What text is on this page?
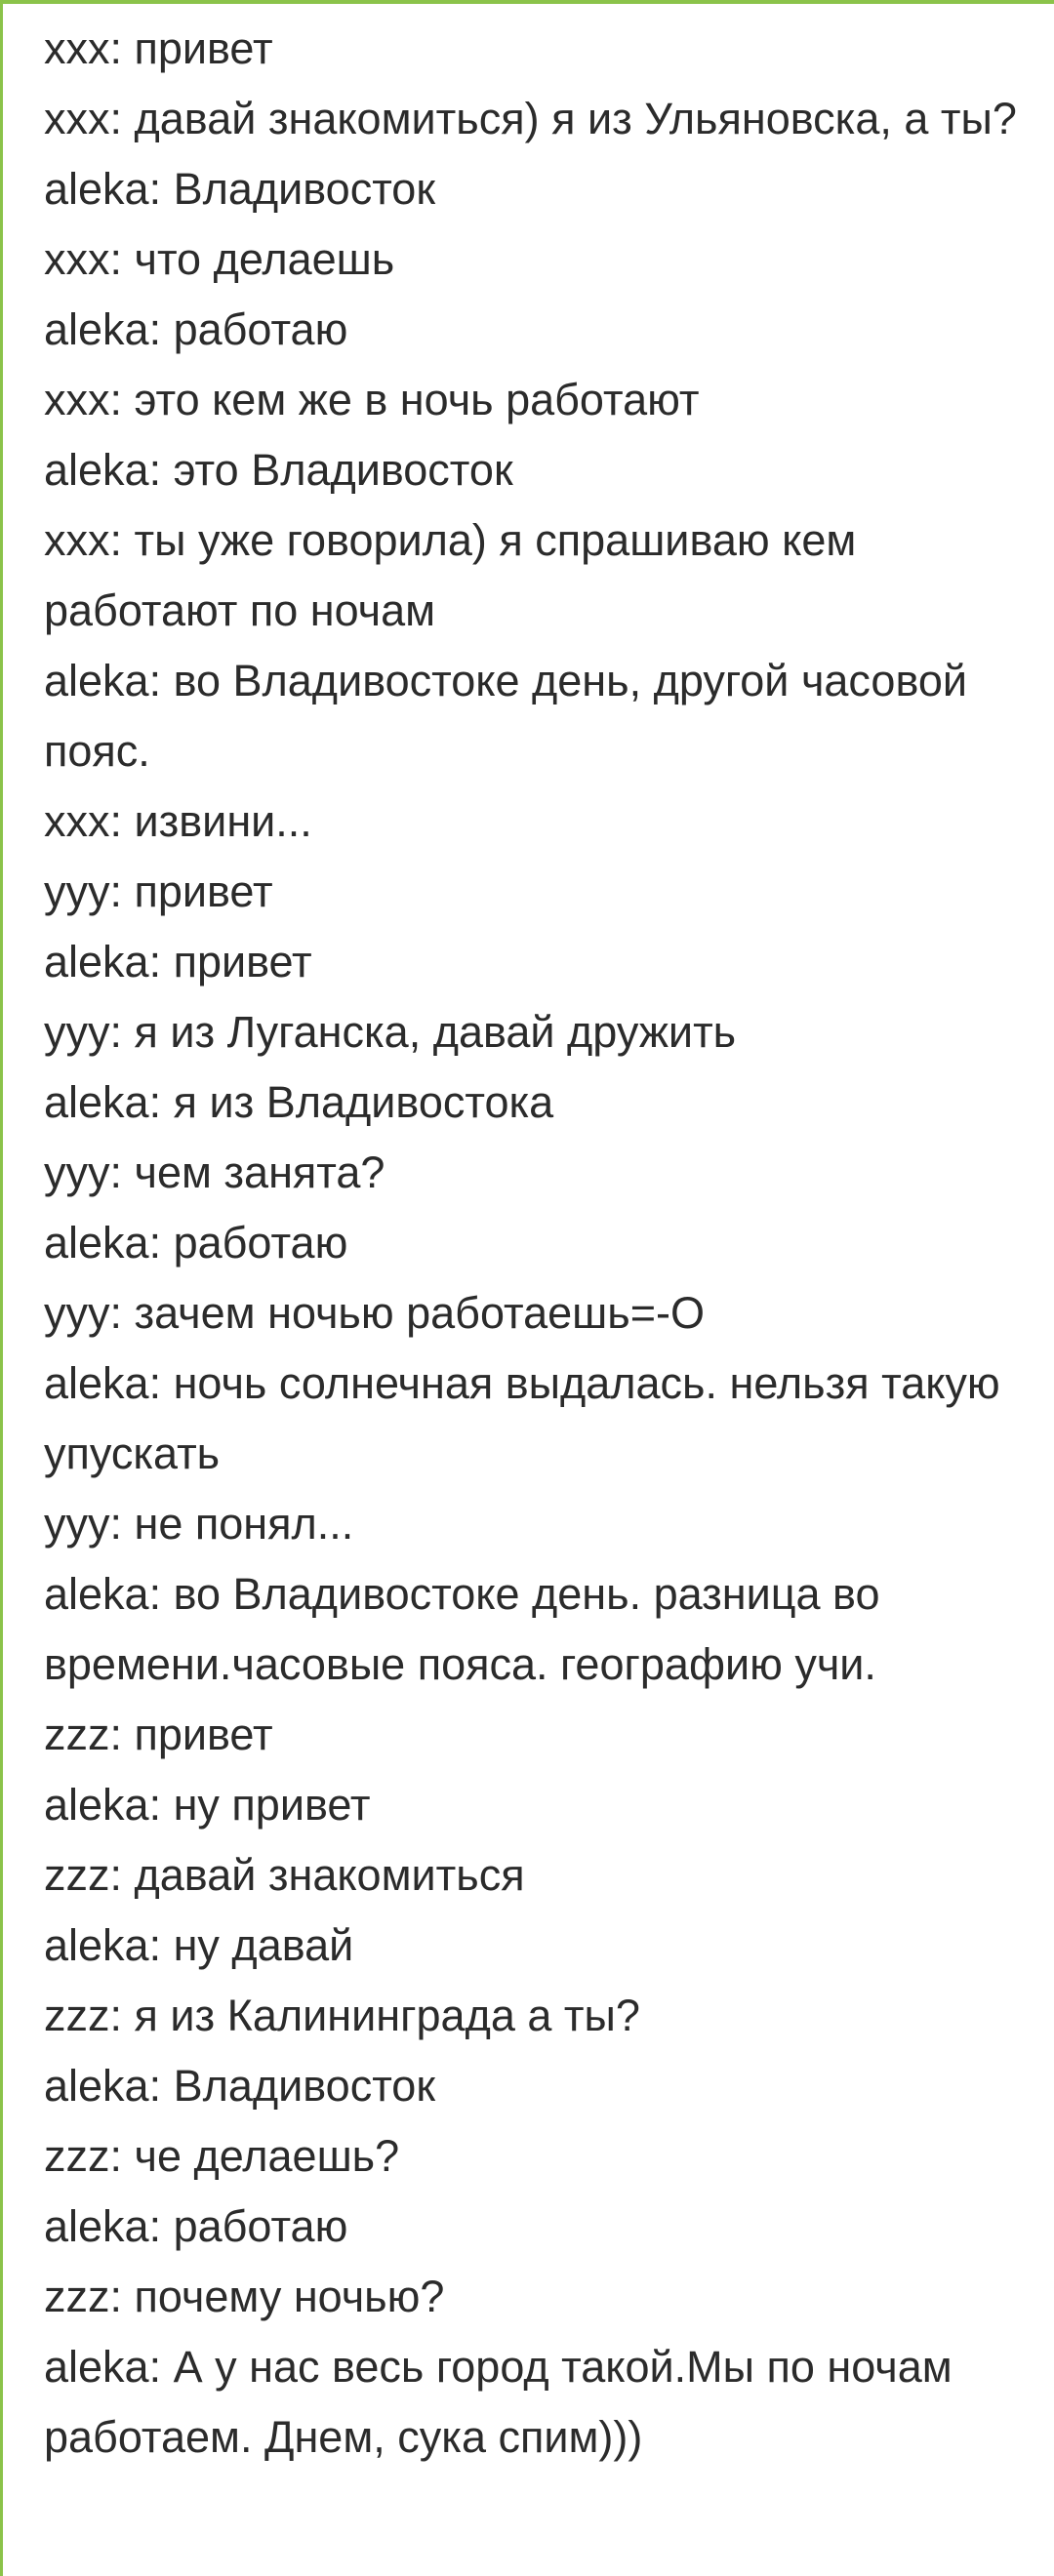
xxx: привет
xxx: давай знакомиться) я из Ульяновска, а ты?
aleka: Владивосток
xxx: что делаешь
aleka: работаю
xxx: это кем же в ночь работают
aleka: это Владивосток
xxx: ты уже говорила) я спрашиваю кем работают по ночам
aleka: во Владивостоке день, другой часовой пояс.
xxx: извини...
yyy: привет
aleka: привет
yyy: я из Луганска, давай дружить
aleka: я из Владивостока
yyy: чем занята?
aleka: работаю
yyy: зачем ночью работаешь=-O
aleka: ночь солнечная выдалась. нельзя такую упускать
yyy: не понял...
aleka: во Владивостоке день. разница во времени.часовые пояса. географию учи.
zzz: привет
aleka: ну привет
zzz: давай знакомиться
aleka: ну давай
zzz: я из Калининграда а ты?
aleka: Владивосток
zzz: че делаешь?
aleka: работаю
zzz: почему ночью?
aleka: А у нас весь город такой.Мы по ночам работаем. Днем, сука спим)))
